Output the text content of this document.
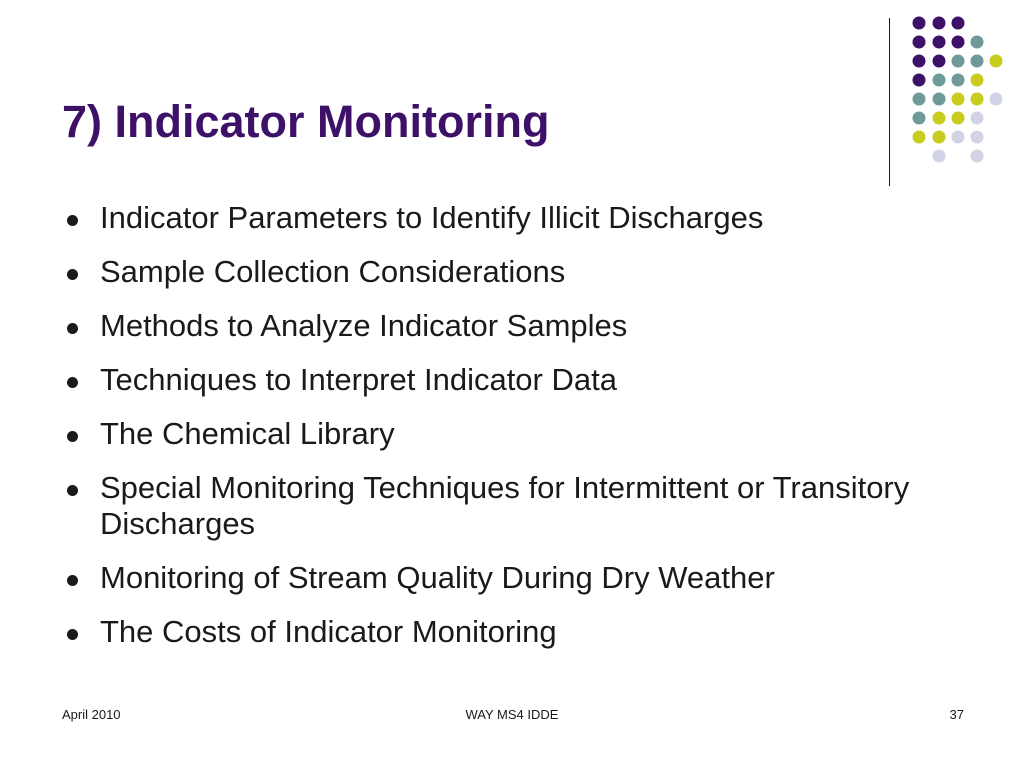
7) Indicator Monitoring
Indicator Parameters to Identify Illicit Discharges
Sample Collection Considerations
Methods to Analyze Indicator Samples
Techniques to Interpret Indicator Data
The Chemical Library
Special Monitoring Techniques for Intermittent or Transitory Discharges
Monitoring of Stream Quality During Dry Weather
The Costs of Indicator Monitoring
April 2010	WAY MS4 IDDE	37
